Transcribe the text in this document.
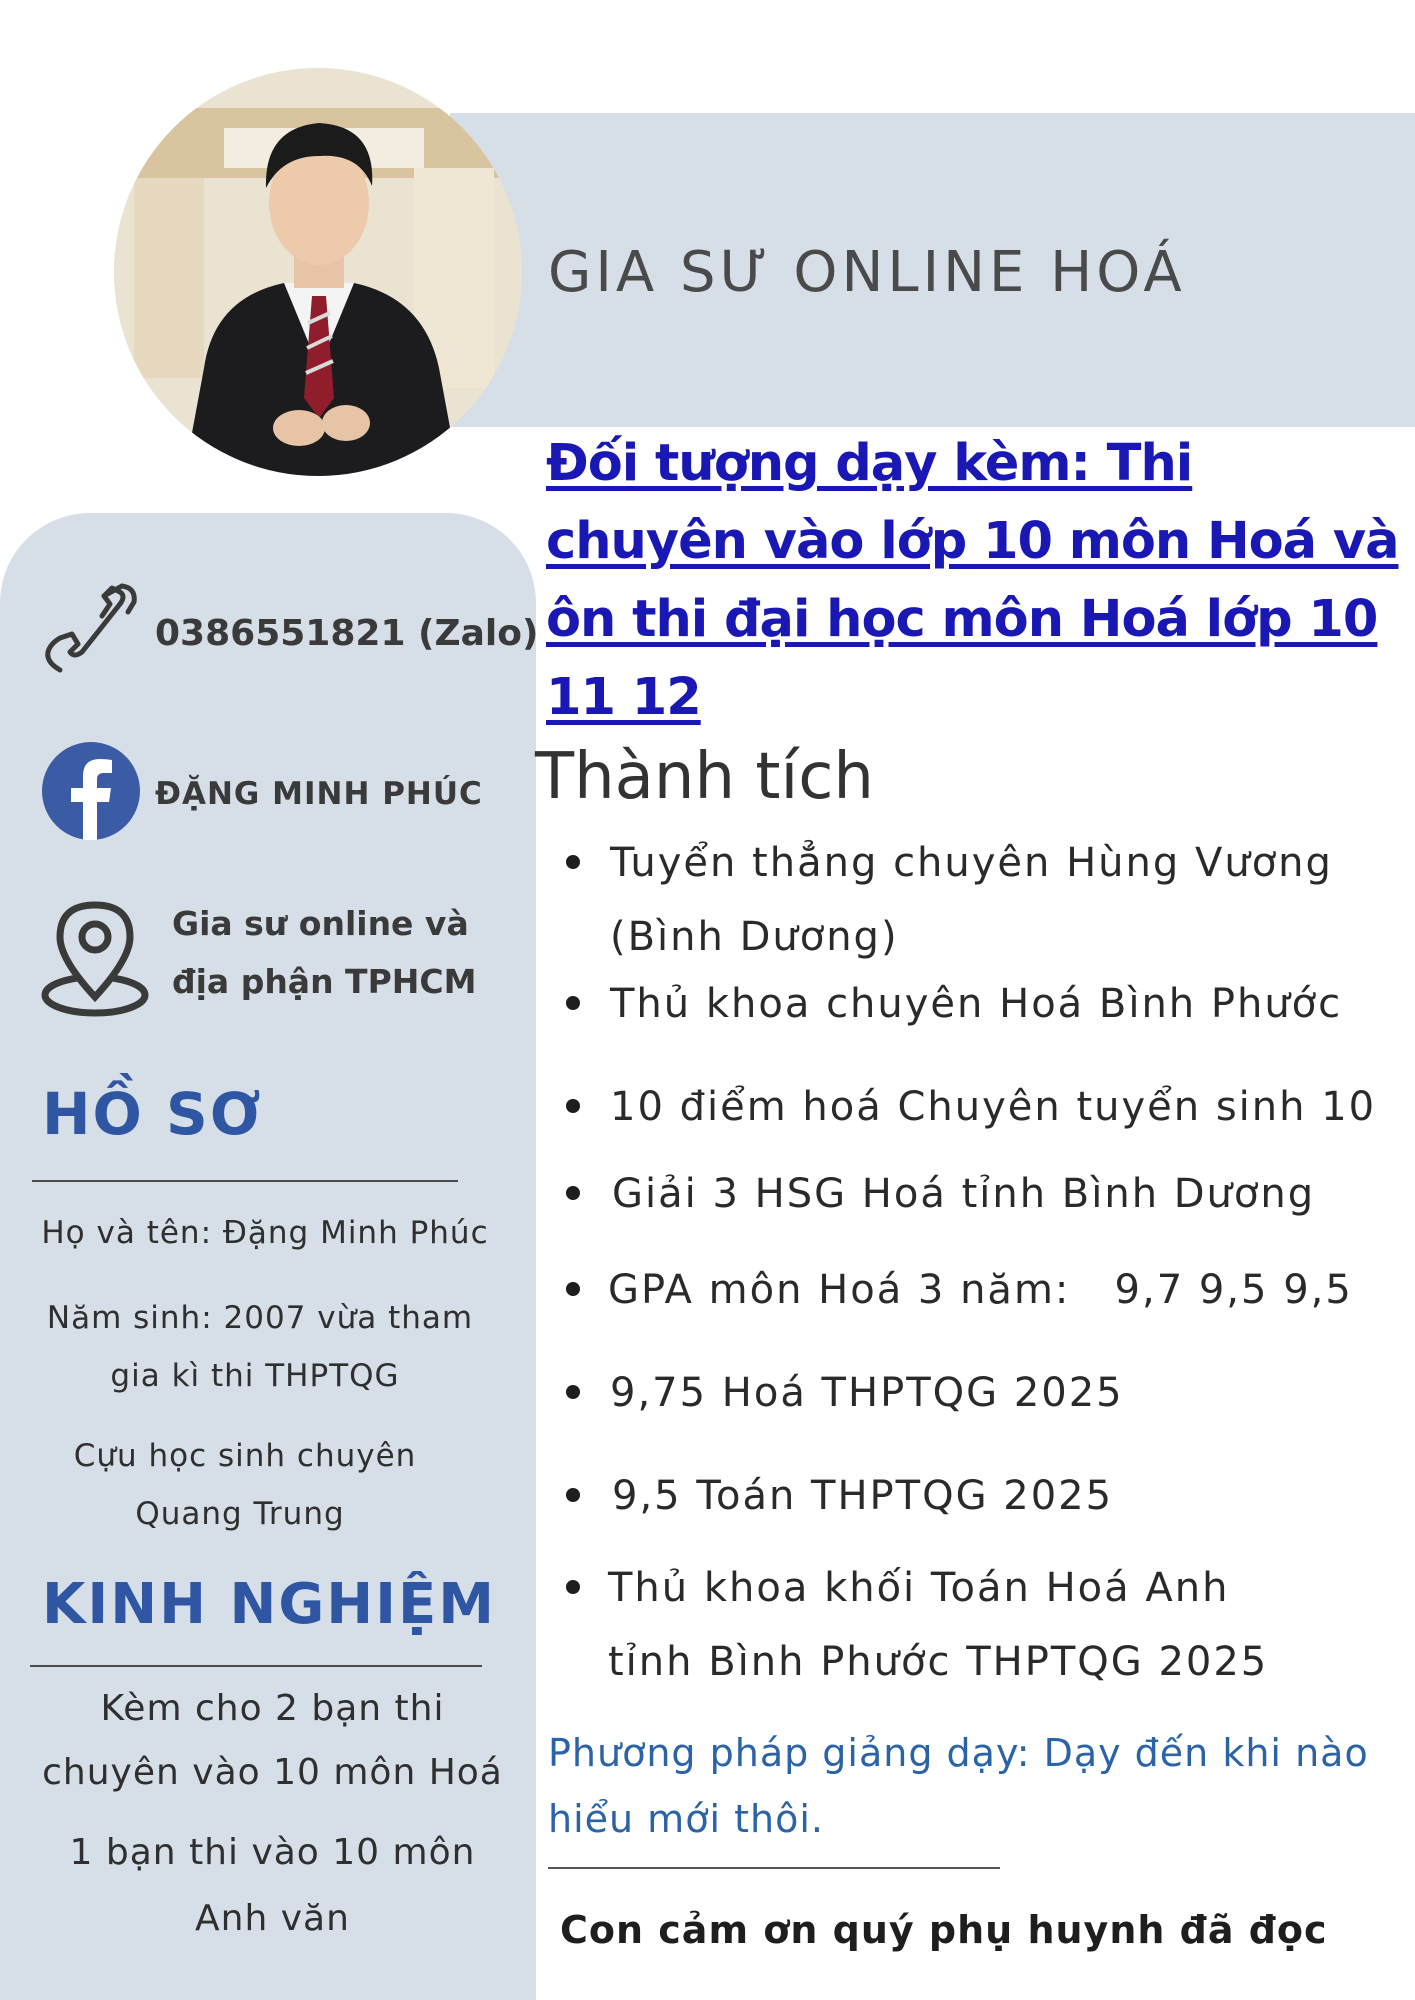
GIA SƯ ONLINE HOÁ
Đối tượng dạy kèm: Thi chuyên vào lớp 10 môn Hoá và ôn thi đại học môn Hoá lớp 10 11 12
0386551821 (Zalo)
ĐẶNG MINH PHÚC
Gia sư online và
địa phận TPHCM
HỒ SƠ
Họ và tên: Đặng Minh Phúc
Năm sinh: 2007 vừa tham
gia kì thi THPTQG
Cựu học sinh chuyên
Quang Trung
KINH NGHIỆM
Kèm cho 2 bạn thi
chuyên vào 10 môn Hoá
1 bạn thi vào 10 môn
Anh văn
Thành tích
Tuyển thẳng chuyên Hùng Vương (Bình Dương)
Thủ khoa chuyên Hoá Bình Phước
10 điểm hoá Chuyên tuyển sinh 10
Giải 3 HSG Hoá tỉnh Bình Dương
GPA môn Hoá 3 năm:   9,7 9,5 9,5
9,75 Hoá THPTQG 2025
9,5 Toán THPTQG 2025
Thủ khoa khối Toán Hoá Anh tỉnh Bình Phước THPTQG 2025
Phương pháp giảng dạy: Dạy đến khi nào hiểu mới thôi.
Con cảm ơn quý phụ huynh đã đọc
